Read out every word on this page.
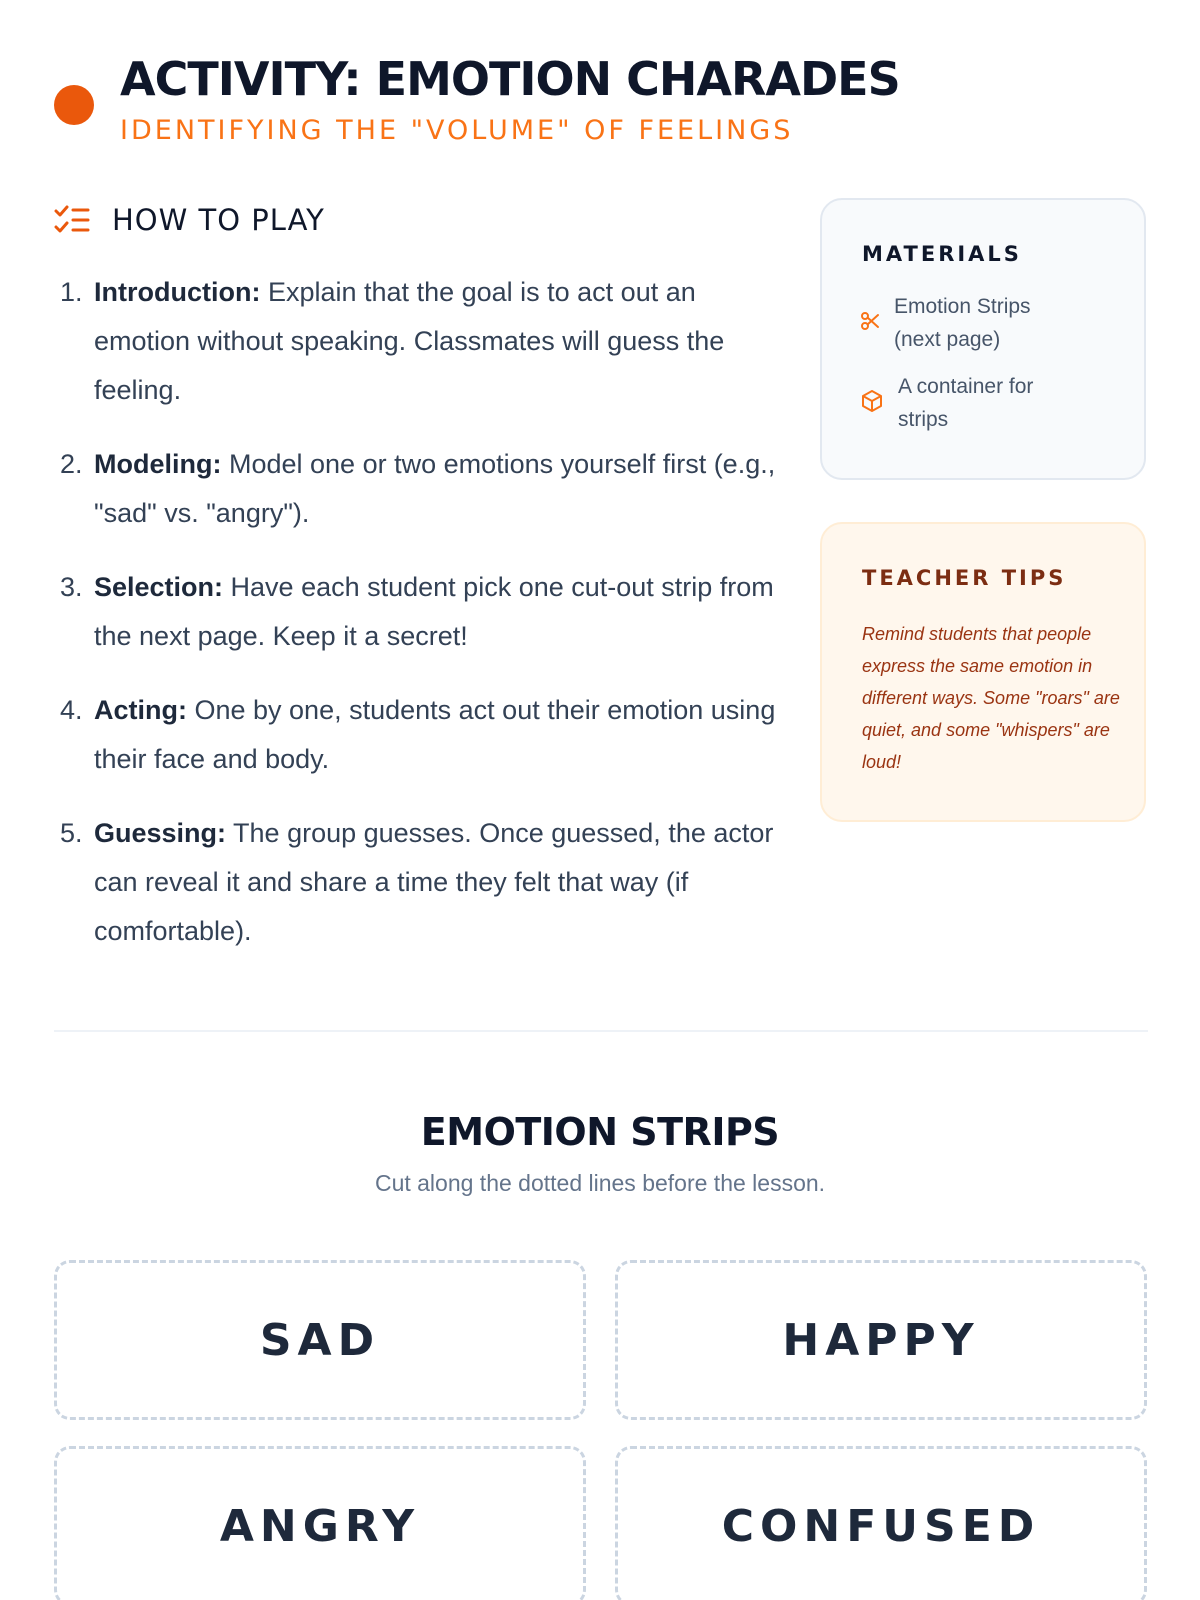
ACTIVITY: EMOTION CHARADES
IDENTIFYING THE "VOLUME" OF FEELINGS
HOW TO PLAY
1. Introduction: Explain that the goal is to act out an emotion without speaking. Classmates will guess the feeling.
2. Modeling: Model one or two emotions yourself first (e.g., "sad" vs. "angry").
3. Selection: Have each student pick one cut-out strip from the next page. Keep it a secret!
4. Acting: One by one, students act out their emotion using their face and body.
5. Guessing: The group guesses. Once guessed, the actor can reveal it and share a time they felt that way (if comfortable).
MATERIALS
Emotion Strips (next page)
A container for strips
TEACHER TIPS
Remind students that people express the same emotion in different ways. Some "roars" are quiet, and some "whispers" are loud!
EMOTION STRIPS
Cut along the dotted lines before the lesson.
SAD	HAPPY
ANGRY	CONFUSED
